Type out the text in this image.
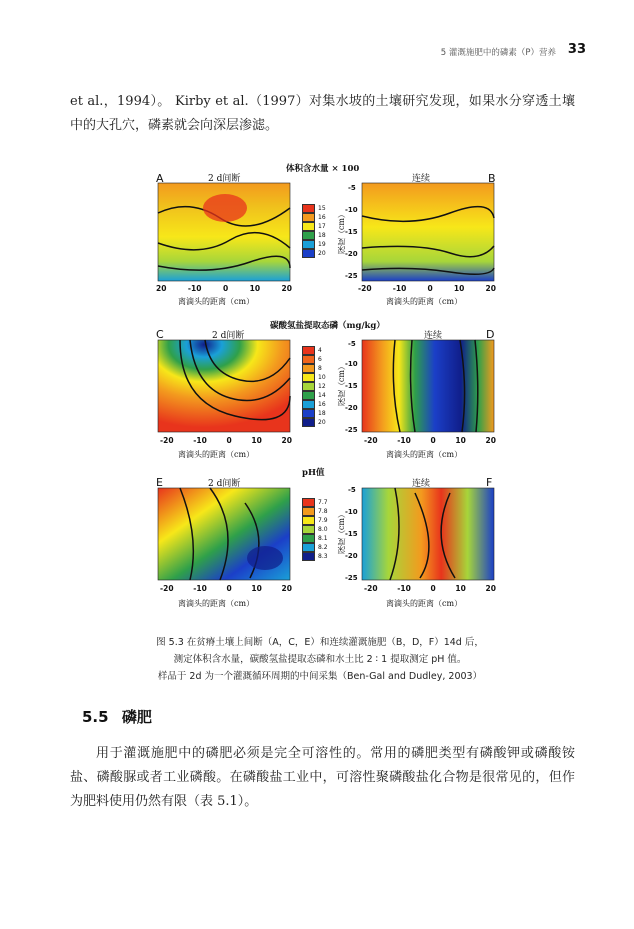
5 灌溉施肥中的磷素（P）营养 33
et al.，1994）。 Kirby et al.（1997）对集水坡的土壤研究发现，如果水分穿透土壤中的大孔穴，磷素就会向深层渗滤。
体积含水量 × 100
碳酸氢盐提取态磷（mg/kg）
pH值
A	2 d间断	B
连续
C	2 d间断	D
连续
E	2 d间断	F
连续
15
16
17
18
19
20
4
6
8
10
12
14
16
18
20
7.7
7.8
7.9
8.0
8.1
8.2
8.3
-5
-10
-15
-20
-25
-5
-10
-15
-20
-25
-5
-10
-15
-20
-25
深度（cm）
深度（cm）
深度（cm）
20	-10	0	10	20	-20	-10	0	10	20
-20	-10	0	10	20	-20	-10	0	10	20
-20	-10	0	10	20	-20	-10	0	10	20
离滴头的距离（cm）	离滴头的距离（cm）
离滴头的距离（cm）	离滴头的距离（cm）
离滴头的距离（cm）	离滴头的距离（cm）
图 5.3 在贫瘠土壤上间断（A，C，E）和连续灌溉施肥（B，D，F）14d 后，
测定体积含水量，碳酸氢盐提取态磷和水土比 2 ∶ 1 提取测定 pH 值。
样品于 2d 为一个灌溉循环周期的中间采集（Ben-Gal and Dudley, 2003）
5.5 磷肥
用于灌溉施肥中的磷肥必须是完全可溶性的。常用的磷肥类型有磷酸钾或磷酸铵盐、磷酸脲或者工业磷酸。在磷酸盐工业中，可溶性聚磷酸盐化合物是很常见的，但作为肥料使用仍然有限（表 5.1）。
